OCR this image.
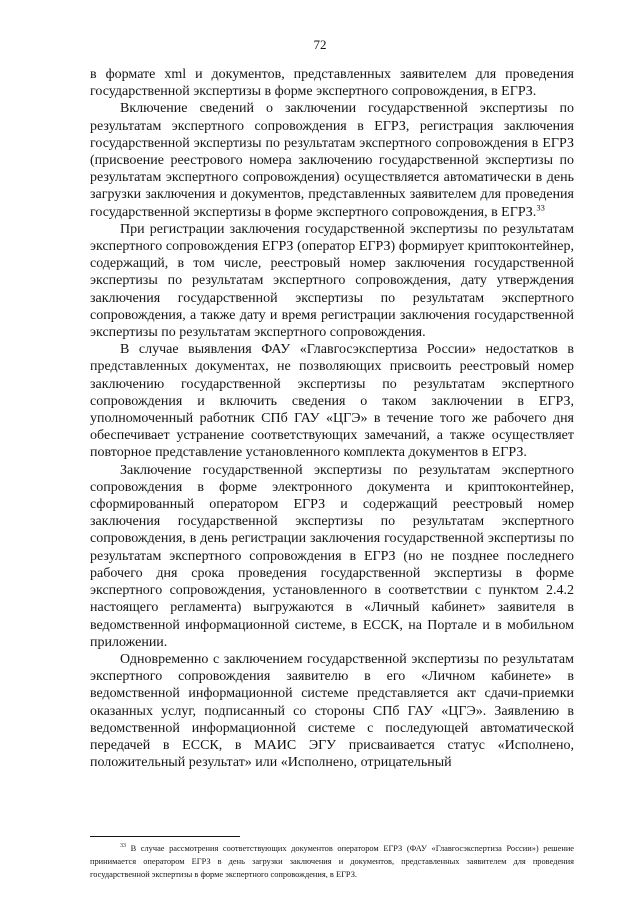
72

в формате xml и документов, представленных заявителем для проведения государственной экспертизы в форме экспертного сопровождения, в ЕГРЗ.

Включение сведений о заключении государственной экспертизы по результатам экспертного сопровождения в ЕГРЗ, регистрация заключения государственной экспертизы по результатам экспертного сопровождения в ЕГРЗ (присвоение реестрового номера заключению государственной экспертизы по результатам экспертного сопровождения) осуществляется автоматически в день загрузки заключения и документов, представленных заявителем для проведения государственной экспертизы в форме экспертного сопровождения, в ЕГРЗ.$^{33}$

При регистрации заключения государственной экспертизы по результатам экспертного сопровождения ЕГРЗ (оператор ЕГРЗ) формирует криптоконтейнер, содержащий, в том числе, реестровый номер заключения государственной экспертизы по результатам экспертного сопровождения, дату утверждения заключения государственной экспертизы по результатам экспертного сопровождения, а также дату и время регистрации заключения государственной экспертизы по результатам экспертного сопровождения.

В случае выявления ФАУ «Главгосэкспертиза России» недостатков в представленных документах, не позволяющих присвоить реестровый номер заключению государственной экспертизы по результатам экспертного сопровождения и включить сведения о таком заключении в ЕГРЗ, уполномоченный работник СПб ГАУ «ЦГЭ» в течение того же рабочего дня обеспечивает устранение соответствующих замечаний, а также осуществляет повторное представление установленного комплекта документов в ЕГРЗ.

Заключение государственной экспертизы по результатам экспертного сопровождения в форме электронного документа и криптоконтейнер, сформированный оператором ЕГРЗ и содержащий реестровый номер заключения государственной экспертизы по результатам экспертного сопровождения, в день регистрации заключения государственной экспертизы по результатам экспертного сопровождения в ЕГРЗ (но не позднее последнего рабочего дня срока проведения государственной экспертизы в форме экспертного сопровождения, установленного в соответствии с пунктом 2.4.2 настоящего регламента) выгружаются в «Личный кабинет» заявителя в ведомственной информационной системе, в ЕССК, на Портале и в мобильном приложении.

Одновременно с заключением государственной экспертизы по результатам экспертного сопровождения заявителю в его «Личном кабинете» в ведомственной информационной системе представляется акт сдачи-приемки оказанных услуг, подписанный со стороны СПб ГАУ «ЦГЭ». Заявлению в ведомственной информационной системе с последующей автоматической передачей в ЕССК, в МАИС ЭГУ присваивается статус «Исполнено, положительный результат» или «Исполнено, отрицательный

$^{33}$ В случае рассмотрения соответствующих документов оператором ЕГРЗ (ФАУ «Главгосэкспертиза России») решение принимается оператором ЕГРЗ в день загрузки заключения и документов, представленных заявителем для проведения государственной экспертизы в форме экспертного сопровождения, в ЕГРЗ.
